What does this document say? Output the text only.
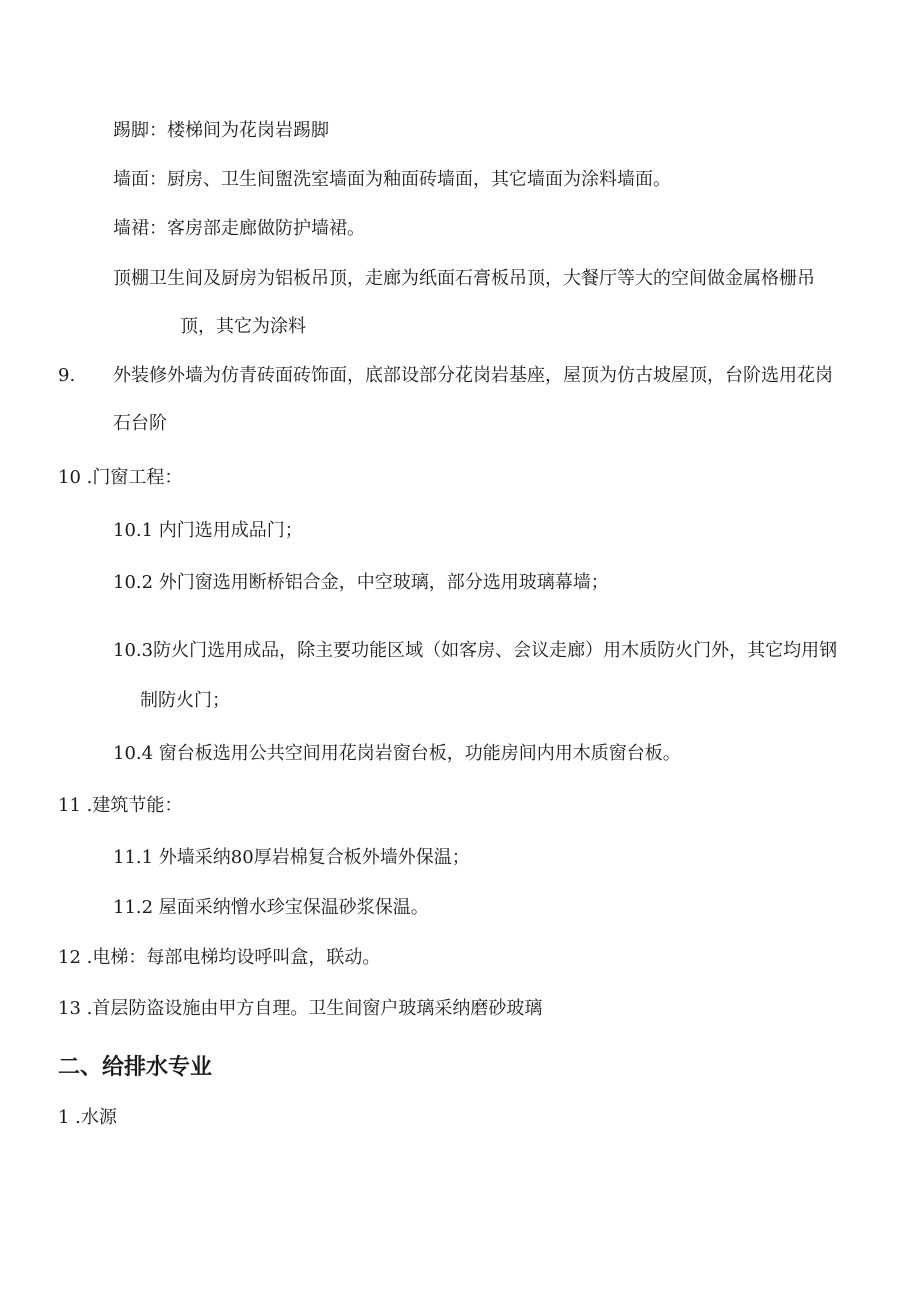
踢脚：楼梯间为花岗岩踢脚
墙面：厨房、卫生间盥洗室墙面为釉面砖墙面，其它墙面为涂料墙面。
墙裙：客房部走廊做防护墙裙。
顶棚卫生间及厨房为铝板吊顶，走廊为纸面石膏板吊顶，大餐厅等大的空间做金属格栅吊
顶，其它为涂料
9. 外装修外墙为仿青砖面砖饰面，底部设部分花岗岩基座，屋顶为仿古坡屋顶，台阶选用花岗
石台阶
10 .门窗工程：
10.1 内门选用成品门；
10.2 外门窗选用断桥铝合金，中空玻璃，部分选用玻璃幕墙；
10.3防火门选用成品，除主要功能区域（如客房、会议走廊）用木质防火门外，其它均用钢
制防火门；
10.4 窗台板选用公共空间用花岗岩窗台板，功能房间内用木质窗台板。
11 .建筑节能：
11.1 外墙采纳80厚岩棉复合板外墙外保温；
11.2 屋面采纳憎水珍宝保温砂浆保温。
12 .电梯：每部电梯均设呼叫盒，联动。
13 .首层防盗设施由甲方自理。卫生间窗户玻璃采纳磨砂玻璃
二、给排水专业
1 .水源
